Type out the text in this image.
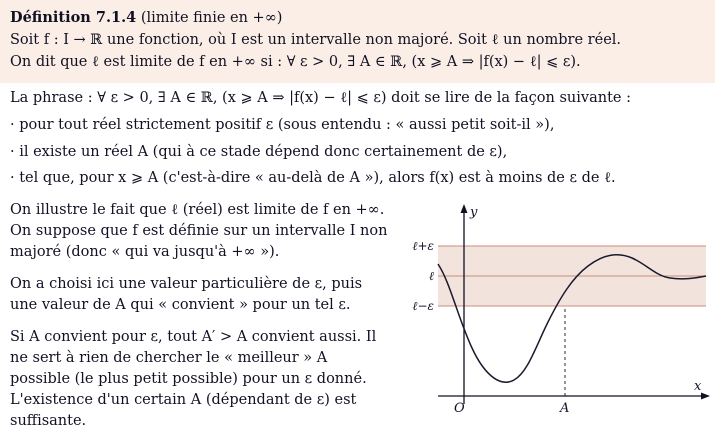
Définition 7.1.4 (limite finie en +∞)
Soit f : I → ℝ une fonction, où I est un intervalle non majoré. Soit ℓ un nombre réel.
On dit que ℓ est limite de f en +∞ si : ∀ ε > 0, ∃ A ∈ ℝ, (x ⩾ A ⇒ |f(x) − ℓ| ⩽ ε).

La phrase : ∀ ε > 0, ∃ A ∈ ℝ, (x ⩾ A ⇒ |f(x) − ℓ| ⩽ ε) doit se lire de la façon suivante :

· pour tout réel strictement positif ε (sous entendu : « aussi petit soit-il »),

· il existe un réel A (qui à ce stade dépend donc certainement de ε),

· tel que, pour x ⩾ A (c'est-à-dire « au-delà de A »), alors f(x) est à moins de ε de ℓ.

On illustre le fait que ℓ (réel) est limite de f en +∞. On suppose que f est définie sur un intervalle I non majoré (donc « qui va jusqu'à +∞ »).

On a choisi ici une valeur particulière de ε, puis une valeur de A qui « convient » pour un tel ε.

Si A convient pour ε, tout A′ > A convient aussi. Il ne sert à rien de chercher le « meilleur » A possible (le plus petit possible) pour un ε donné. L'existence d'un certain A (dépendant de ε) est suffisante.

ℓ+ε
ℓ
ℓ−ε
y
x
O	A
